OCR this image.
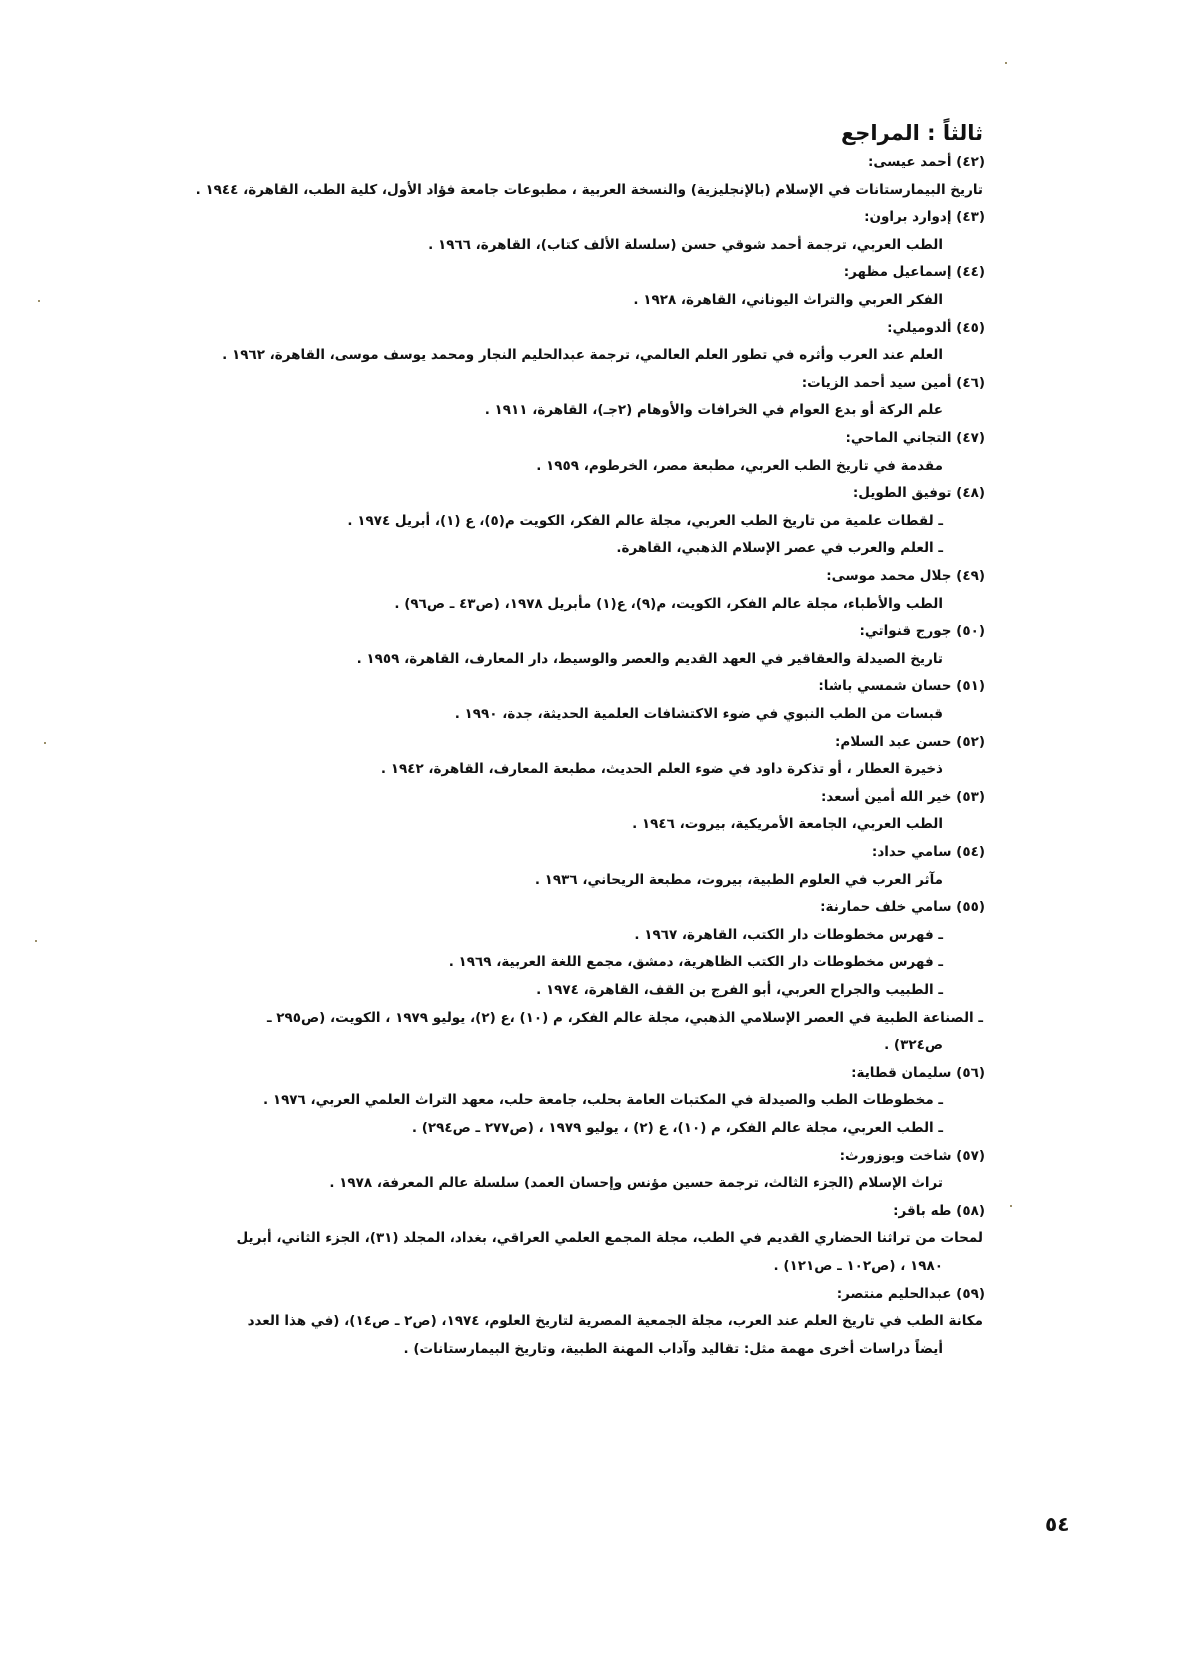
ثالثاً : المراجع

(٤٢) أحمد عيسى:

تاريخ البيمارستانات في الإسلام (بالإنجليزية) والنسخة العربية ، مطبوعات جامعة فؤاد الأول، كلية الطب، القاهرة، ١٩٤٤ .

(٤٣) إدوارد براون:

الطب العربي، ترجمة أحمد شوقي حسن (سلسلة الألف كتاب)، القاهرة، ١٩٦٦ .

(٤٤) إسماعيل مظهر:

الفكر العربي والتراث اليوناني، القاهرة، ١٩٢٨ .

(٤٥) ألدوميلي:

العلم عند العرب وأثره في تطور العلم العالمي، ترجمة عبدالحليم النجار ومحمد يوسف موسى، القاهرة، ١٩٦٢ .

(٤٦) أمين سيد أحمد الزيات:

علم الركة أو بدع العوام في الخرافات والأوهام (٢جـ)، القاهرة، ١٩١١ .

(٤٧) التجاني الماحي:

مقدمة في تاريخ الطب العربي، مطبعة مصر، الخرطوم، ١٩٥٩ .

(٤٨) توفيق الطويل:

ـ لقطات علمية من تاريخ الطب العربي، مجلة عالم الفكر، الكويت م(٥)، ع (١)، أبريل ١٩٧٤ .

ـ العلم والعرب في عصر الإسلام الذهبي، القاهرة.

(٤٩) جلال محمد موسى:

الطب والأطباء، مجلة عالم الفكر، الكويت، م(٩)، ع(١) مأبريل ١٩٧٨، (ص٤٣ ـ ص٩٦) .

(٥٠) جورج قنواتي:

تاريخ الصيدلة والعقاقير في العهد القديم والعصر والوسيط، دار المعارف، القاهرة، ١٩٥٩ .

(٥١) حسان شمسي باشا:

قبسات من الطب النبوي في ضوء الاكتشافات العلمية الحديثة، جدة، ١٩٩٠ .

(٥٢) حسن عبد السلام:

ذخيرة العطار ، أو تذكرة داود في ضوء العلم الحديث، مطبعة المعارف، القاهرة، ١٩٤٢ .

(٥٣) خير الله أمين أسعد:

الطب العربي، الجامعة الأمريكية، بيروت، ١٩٤٦ .

(٥٤) سامي حداد:

مآثر العرب في العلوم الطبية، بيروت، مطبعة الريحاني، ١٩٣٦ .

(٥٥) سامي خلف حمارنة:

ـ فهرس مخطوطات دار الكتب، القاهرة، ١٩٦٧ .

ـ فهرس مخطوطات دار الكتب الظاهرية، دمشق، مجمع اللغة العربية، ١٩٦٩ .

ـ الطبيب والجراح العربي، أبو الفرج بن القف، القاهرة، ١٩٧٤ .

ـ الصناعة الطبية في العصر الإسلامي الذهبي، مجلة عالم الفكر، م (١٠) ،ع (٢)، يوليو ١٩٧٩ ، الكويت، (ص٢٩٥ ـ

ص٣٢٤) .

(٥٦) سليمان قطاية:

ـ مخطوطات الطب والصيدلة في المكتبات العامة بحلب، جامعة حلب، معهد التراث العلمي العربي، ١٩٧٦ .

ـ الطب العربي، مجلة عالم الفكر، م (١٠)، ع (٢) ، يوليو ١٩٧٩ ، (ص٢٧٧ ـ ص٢٩٤) .

(٥٧) شاخت وبوزورث:

تراث الإسلام (الجزء الثالث، ترجمة حسين مؤنس وإحسان العمد) سلسلة عالم المعرفة، ١٩٧٨ .

(٥٨) طه باقر:

لمحات من تراثنا الحضاري القديم في الطب، مجلة المجمع العلمي العراقي، بغداد، المجلد (٣١)، الجزء الثاني، أبريل

١٩٨٠ ، (ص١٠٢ ـ ص١٢١) .

(٥٩) عبدالحليم منتصر:

مكانة الطب في تاريخ العلم عند العرب، مجلة الجمعية المصرية لتاريخ العلوم، ١٩٧٤، (ص٢ ـ ص١٤)، (في هذا العدد

أيضاً دراسات أخرى مهمة مثل: تقاليد وآداب المهنة الطبية، وتاريخ البيمارستانات) .

٥٤
